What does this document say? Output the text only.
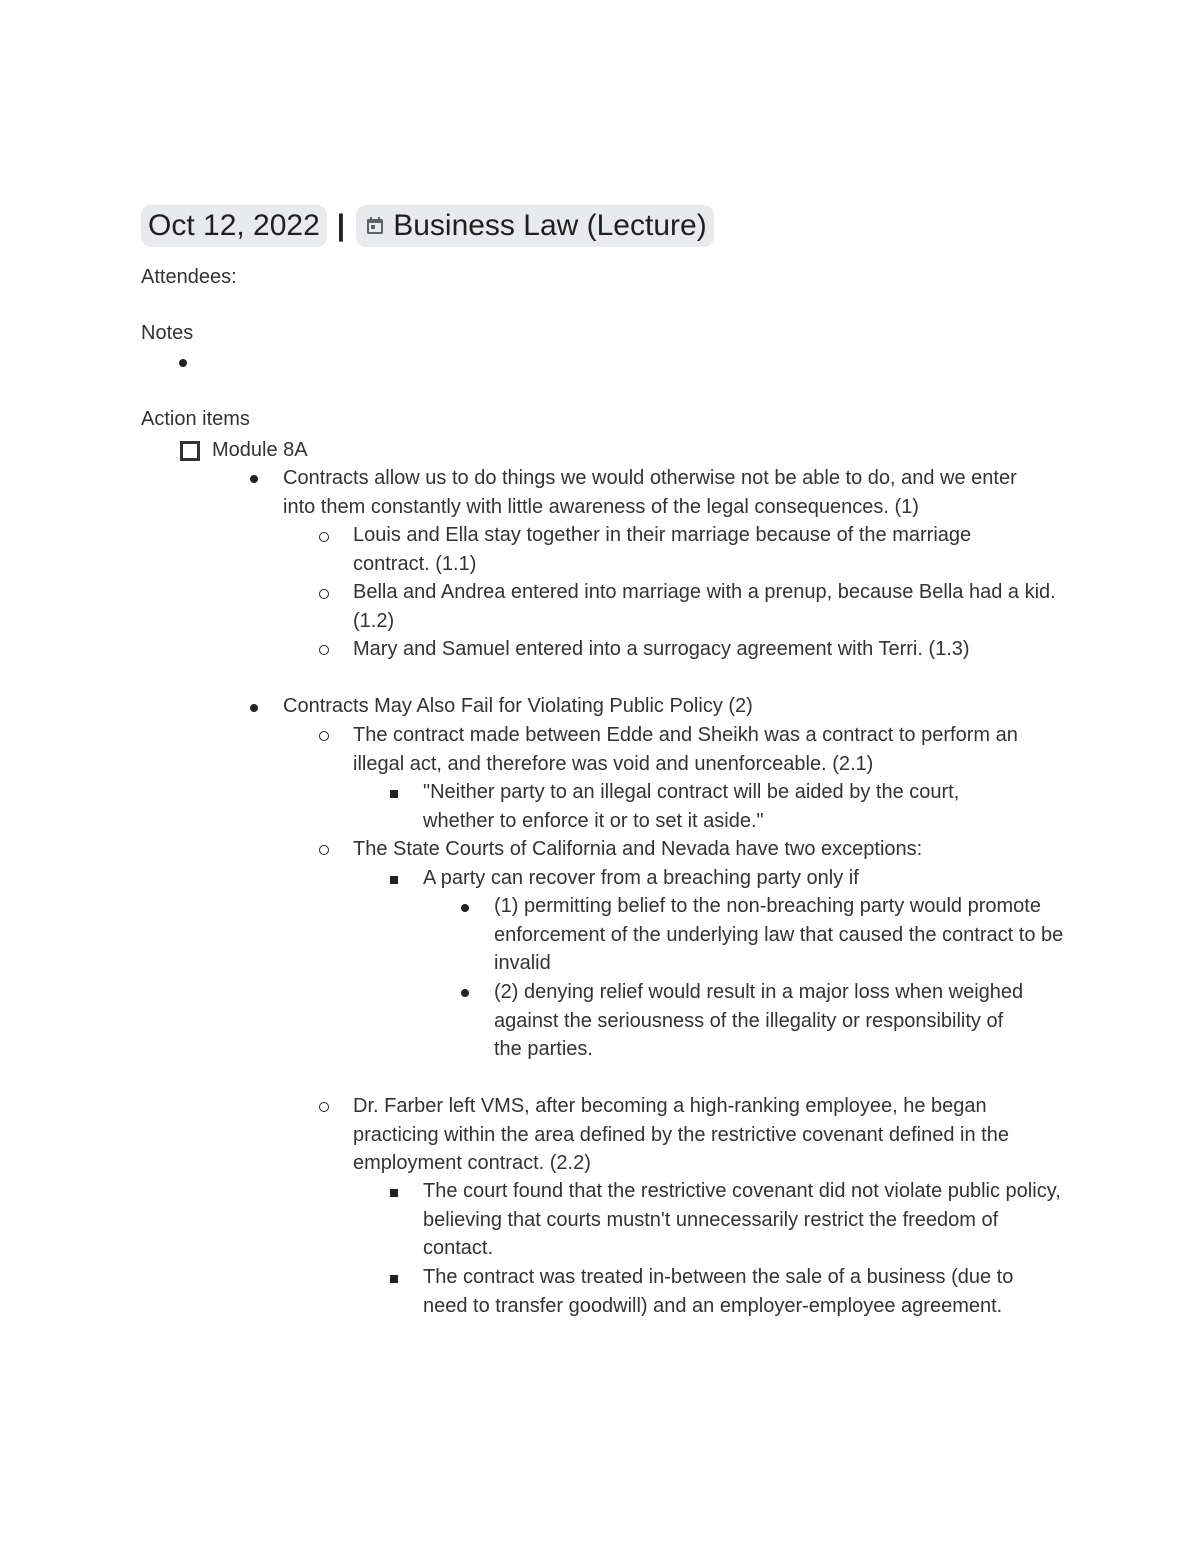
Oct 12, 2022 | Business Law (Lecture)
Attendees:
Notes
Action items
Module 8A
Contracts allow us to do things we would otherwise not be able to do, and we enter into them constantly with little awareness of the legal consequences. (1)
Louis and Ella stay together in their marriage because of the marriage contract. (1.1)
Bella and Andrea entered into marriage with a prenup, because Bella had a kid. (1.2)
Mary and Samuel entered into a surrogacy agreement with Terri. (1.3)
Contracts May Also Fail for Violating Public Policy (2)
The contract made between Edde and Sheikh was a contract to perform an illegal act, and therefore was void and unenforceable. (2.1)
"Neither party to an illegal contract will be aided by the court, whether to enforce it or to set it aside."
The State Courts of California and Nevada have two exceptions:
A party can recover from a breaching party only if
(1) permitting belief to the non-breaching party would promote enforcement of the underlying law that caused the contract to be invalid
(2) denying relief would result in a major loss when weighed against the seriousness of the illegality or responsibility of the parties.
Dr. Farber left VMS, after becoming a high-ranking employee, he began practicing within the area defined by the restrictive covenant defined in the employment contract. (2.2)
The court found that the restrictive covenant did not violate public policy, believing that courts mustn't unnecessarily restrict the freedom of contact.
The contract was treated in-between the sale of a business (due to need to transfer goodwill) and an employer-employee agreement.
